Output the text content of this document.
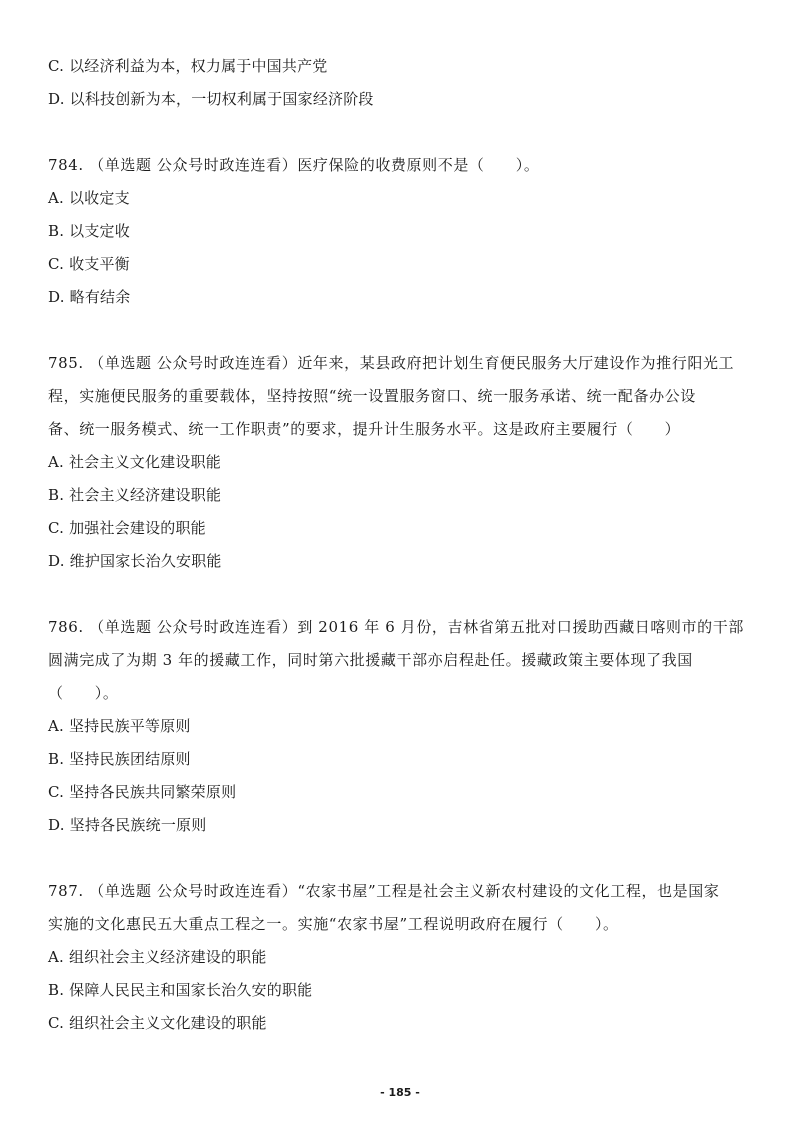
C. 以经济利益为本，权力属于中国共产党
D. 以科技创新为本，一切权利属于国家经济阶段
784. （单选题 公众号时政连连看）医疗保险的收费原则不是（　　）。
A. 以收定支
B. 以支定收
C. 收支平衡
D. 略有结余
785. （单选题 公众号时政连连看）近年来，某县政府把计划生育便民服务大厅建设作为推行阳光工
程，实施便民服务的重要载体，坚持按照“统一设置服务窗口、统一服务承诺、统一配备办公设
备、统一服务模式、统一工作职责”的要求，提升计生服务水平。这是政府主要履行（　　）
A. 社会主义文化建设职能
B. 社会主义经济建设职能
C. 加强社会建设的职能
D. 维护国家长治久安职能
786. （单选题 公众号时政连连看）到 2016 年 6 月份，吉林省第五批对口援助西藏日喀则市的干部
圆满完成了为期 3 年的援藏工作，同时第六批援藏干部亦启程赴任。援藏政策主要体现了我国
（　　）。
A. 坚持民族平等原则
B. 坚持民族团结原则
C. 坚持各民族共同繁荣原则
D. 坚持各民族统一原则
787. （单选题 公众号时政连连看）“农家书屋”工程是社会主义新农村建设的文化工程，也是国家
实施的文化惠民五大重点工程之一。实施“农家书屋”工程说明政府在履行（　　）。
A. 组织社会主义经济建设的职能
B. 保障人民民主和国家长治久安的职能
C. 组织社会主义文化建设的职能
- 185 -
